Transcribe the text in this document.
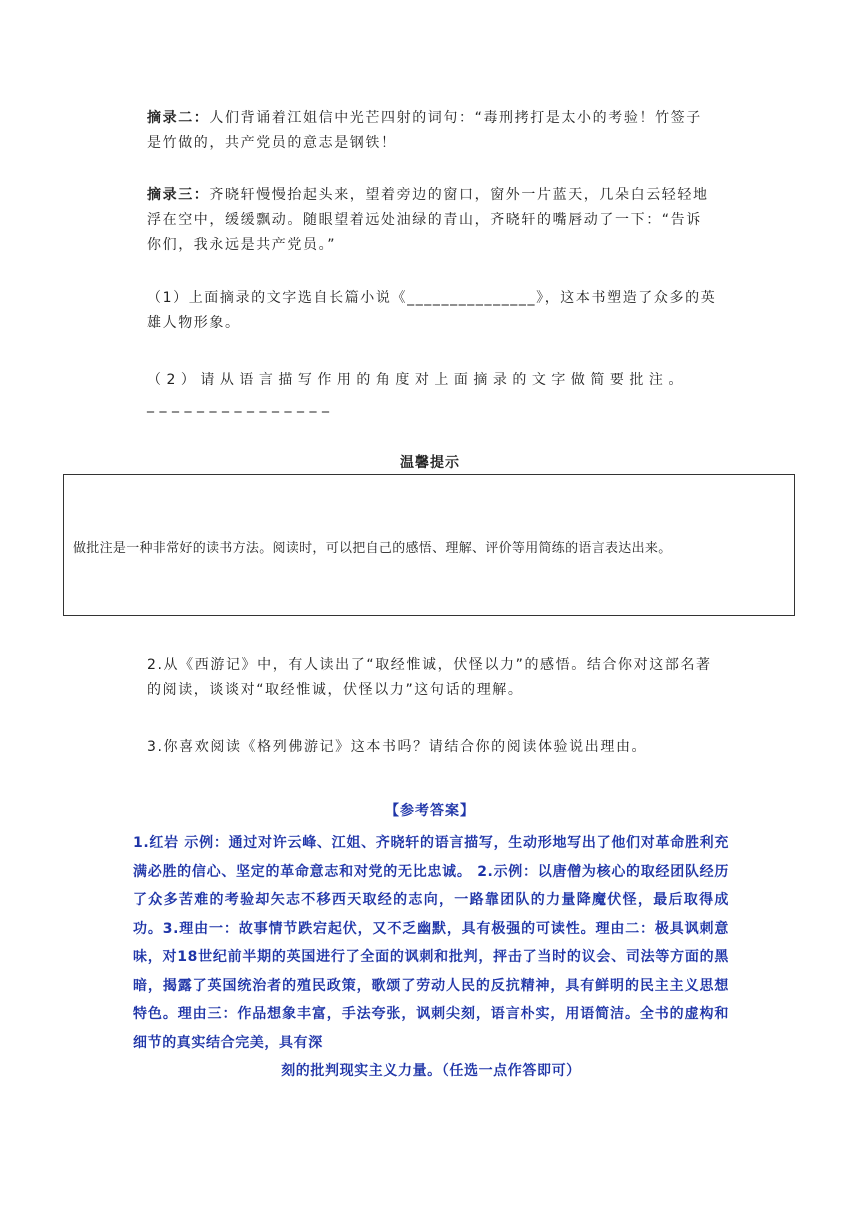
摘录二：人们背诵着江姐信中光芒四射的词句：“毒刑拷打是太小的考验！竹签子是竹做的，共产党员的意志是钢铁！

摘录三：齐晓轩慢慢抬起头来，望着旁边的窗口，窗外一片蓝天，几朵白云轻轻地浮在空中，缓缓飘动。随眼望着远处油绿的青山，齐晓轩的嘴唇动了一下：“告诉你们，我永远是共产党员。”

（1）上面摘录的文字选自长篇小说《_______________》，这本书塑造了众多的英雄人物形象。

（2）请从语言描写作用的角度对上面摘录的文字做简要批注。_______________

温馨提示
做批注是一种非常好的读书方法。阅读时，可以把自己的感悟、理解、评价等用简练的语言表达出来。

2.从《西游记》中，有人读出了“取经惟诚，伏怪以力”的感悟。结合你对这部名著的阅读，谈谈对“取经惟诚，伏怪以力”这句话的理解。

3.你喜欢阅读《格列佛游记》这本书吗？请结合你的阅读体验说出理由。

【参考答案】

1.红岩 示例：通过对许云峰、江姐、齐晓轩的语言描写，生动形地写出了他们对革命胜利充满必胜的信心、坚定的革命意志和对党的无比忠诚。 2.示例：以唐僧为核心的取经团队经历了众多苦难的考验却矢志不移西天取经的志向，一路靠团队的力量降魔伏怪，最后取得成功。3.理由一：故事情节跌宕起伏，又不乏幽默，具有极强的可读性。理由二：极具讽刺意味，对18世纪前半期的英国进行了全面的讽刺和批判，抨击了当时的议会、司法等方面的黑暗，揭露了英国统治者的殖民政策，歌颂了劳动人民的反抗精神，具有鲜明的民主主义思想特色。理由三：作品想象丰富，手法夸张，讽刺尖刻，语言朴实，用语简洁。全书的虚构和细节的真实结合完美，具有深
刻的批判现实主义力量。（任选一点作答即可）
